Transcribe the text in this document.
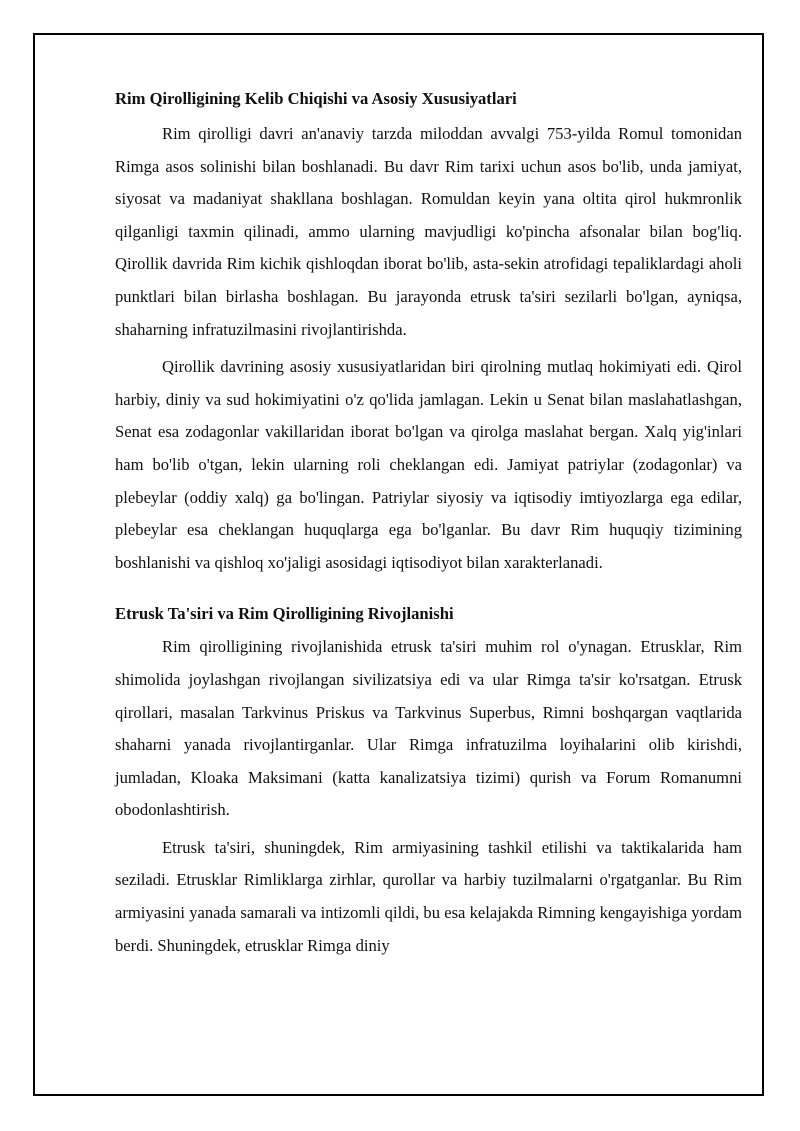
Rim Qirolligining Kelib Chiqishi va Asosiy Xususiyatlari

Rim qirolligi davri an'anaviy tarzda miloddan avvalgi 753-yilda Romul tomonidan Rimga asos solinishi bilan boshlanadi. Bu davr Rim tarixi uchun asos bo'lib, unda jamiyat, siyosat va madaniyat shakllana boshlagan. Romuldan keyin yana oltita qirol hukmronlik qilganligi taxmin qilinadi, ammo ularning mavjudligi ko'pincha afsonalar bilan bog'liq. Qirollik davrida Rim kichik qishloqdan iborat bo'lib, asta-sekin atrofidagi tepaliklardagi aholi punktlari bilan birlasha boshlagan. Bu jarayonda etrusk ta'siri sezilarli bo'lgan, ayniqsa, shaharning infratuzilmasini rivojlantirishda.

Qirollik davrining asosiy xususiyatlaridan biri qirolning mutlaq hokimiyati edi. Qirol harbiy, diniy va sud hokimiyatini o'z qo'lida jamlagan. Lekin u Senat bilan maslahatlashgan, Senat esa zodagonlar vakillaridan iborat bo'lgan va qirolga maslahat bergan. Xalq yig'inlari ham bo'lib o'tgan, lekin ularning roli cheklangan edi. Jamiyat patriylar (zodagonlar) va plebeylar (oddiy xalq) ga bo'lingan. Patriylar siyosiy va iqtisodiy imtiyozlarga ega edilar, plebeylar esa cheklangan huquqlarga ega bo'lganlar. Bu davr Rim huquqiy tizimining boshlanishi va qishloq xo'jaligi asosidagi iqtisodiyot bilan xarakterlanadi.

Etrusk Ta'siri va Rim Qirolligining Rivojlanishi

Rim qirolligining rivojlanishida etrusk ta'siri muhim rol o'ynagan. Etrusklar, Rim shimolida joylashgan rivojlangan sivilizatsiya edi va ular Rimga ta'sir ko'rsatgan. Etrusk qirollari, masalan Tarkvinus Priskus va Tarkvinus Superbus, Rimni boshqargan vaqtlarida shaharni yanada rivojlantirganlar. Ular Rimga infratuzilma loyihalarini olib kirishdi, jumladan, Kloaka Maksimani (katta kanalizatsiya tizimi) qurish va Forum Romanumni obodonlashtirish.

Etrusk ta'siri, shuningdek, Rim armiyasining tashkil etilishi va taktikalarida ham seziladi. Etrusklar Rimliklarga zirhlar, qurollar va harbiy tuzilmalarni o'rgatganlar. Bu Rim armiyasini yanada samarali va intizomli qildi, bu esa kelajakda Rimning kengayishiga yordam berdi. Shuningdek, etrusklar Rimga diniy
